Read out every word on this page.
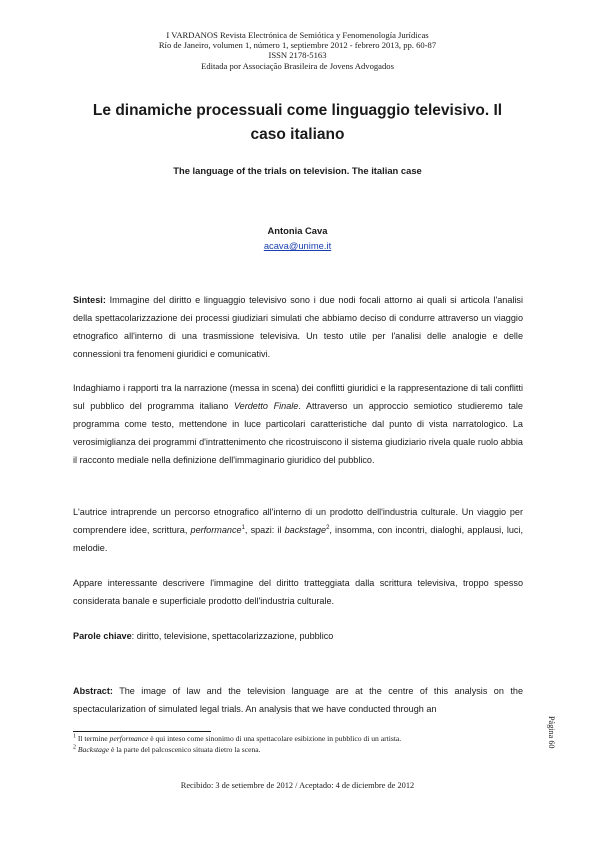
I VARDANOS Revista Electrónica de Semiótica y Fenomenología Jurídicas
Río de Janeiro, volumen 1, número 1, septiembre 2012 - febrero 2013, pp. 60-87
ISSN 2178-5163
Editada por Associação Brasileira de Jovens Advogados
Le dinamiche processuali come linguaggio televisivo. Il caso italiano
The language of the trials on television. The italian case
Antonia Cava
acava@unime.it

Sintesi: Immagine del diritto e linguaggio televisivo sono i due nodi focali attorno ai quali si articola l'analisi della spettacolarizzazione dei processi giudiziari simulati che abbiamo deciso di condurre attraverso un viaggio etnografico all'interno di una trasmissione televisiva. Un testo utile per l'analisi delle analogie e delle connessioni tra fenomeni giuridici e comunicativi.

Indaghiamo i rapporti tra la narrazione (messa in scena) dei conflitti giuridici e la rappresentazione di tali conflitti sul pubblico del programma italiano Verdetto Finale. Attraverso un approccio semiotico studieremo tale programma come testo, mettendone in luce particolari caratteristiche dal punto di vista narratologico. La verosimiglianza dei programmi d'intrattenimento che ricostruiscono il sistema giudiziario rivela quale ruolo abbia il racconto mediale nella definizione dell'immaginario giuridico del pubblico.

L'autrice intraprende un percorso etnografico all'interno di un prodotto dell'industria culturale. Un viaggio per comprendere idee, scrittura, performance$^1$, spazi: il backstage$^2$, insomma, con incontri, dialoghi, applausi, luci, melodie.

Appare interessante descrivere l'immagine del diritto tratteggiata dalla scrittura televisiva, troppo spesso considerata banale e superficiale prodotto dell'industria culturale.

Parole chiave: diritto, televisione, spettacolarizzazione, pubblico

Abstract: The image of law and the television language are at the centre of this analysis on the spectacularization of simulated legal trials. An analysis that we have conducted through an

$^1$ Il termine performance è qui inteso come sinonimo di una spettacolare esibizione in pubblico di un artista.
$^2$ Backstage è la parte del palcoscenico situata dietro la scena.
Página 60
Recibido: 3 de setiembre de 2012 / Aceptado: 4 de diciembre de 2012
